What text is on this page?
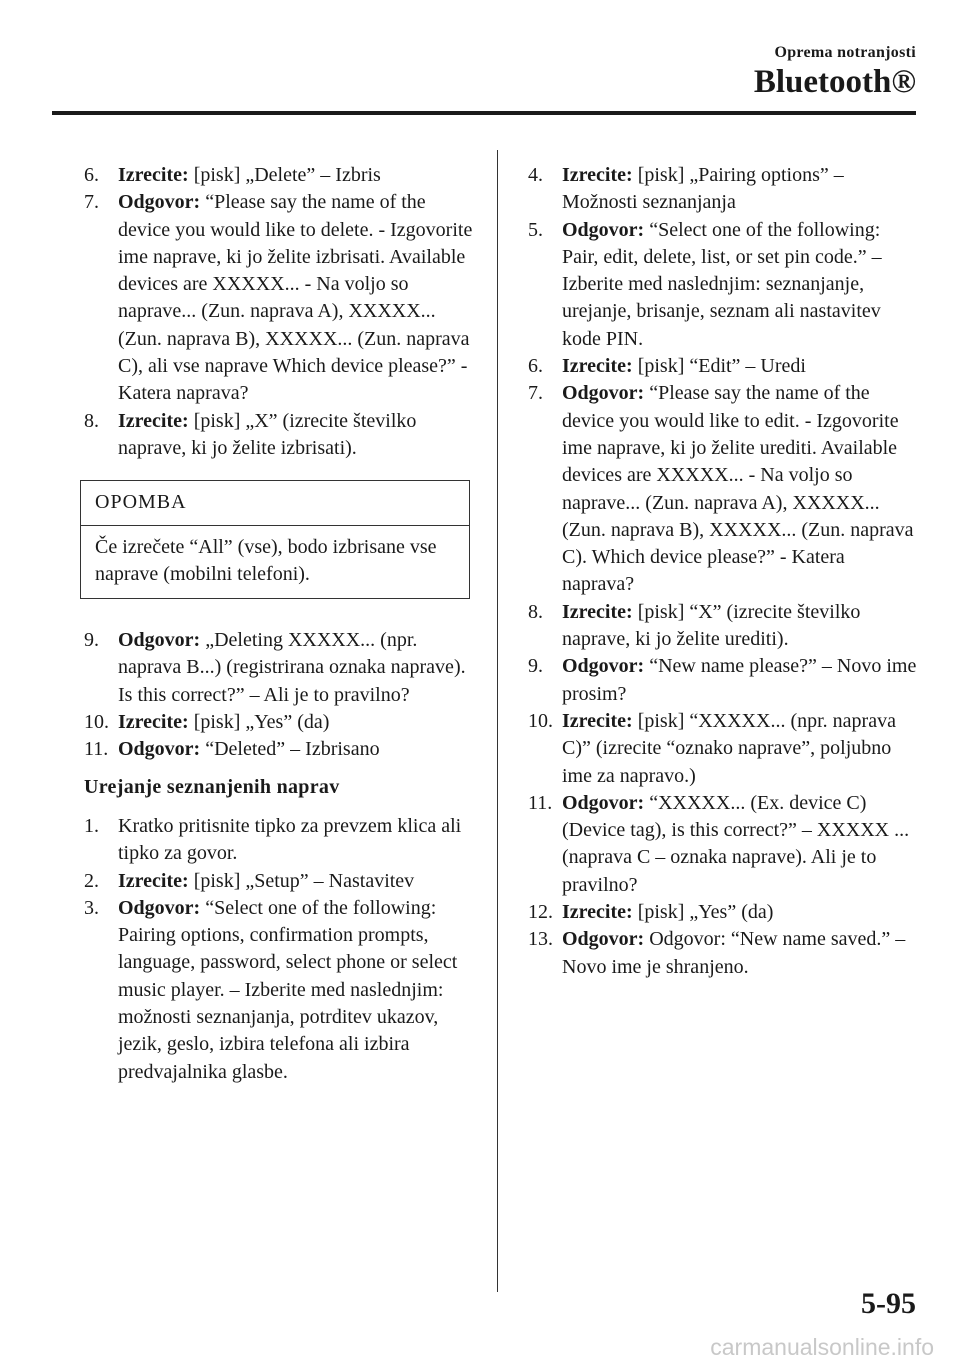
Oprema notranjosti
Bluetooth®
6. Izrecite: [pisk] „Delete” – Izbris
7. Odgovor: “Please say the name of the device you would like to delete. - Izgovorite ime naprave, ki jo želite izbrisati. Available devices are XXXXX... - Na voljo so naprave... (Zun. naprava A), XXXXX... (Zun. naprava B), XXXXX... (Zun. naprava C), ali vse naprave Which device please?” - Katera naprava?
8. Izrecite: [pisk] „X” (izrecite številko naprave, ki jo želite izbrisati).
OPOMBA
Če izrečete “All” (vse), bodo izbrisane vse naprave (mobilni telefoni).
9. Odgovor: „Deleting XXXXX... (npr. naprava B...) (registrirana oznaka naprave). Is this correct?” – Ali je to pravilno?
10. Izrecite: [pisk] „Yes” (da)
11. Odgovor: “Deleted” – Izbrisano
Urejanje seznanjenih naprav
1. Kratko pritisnite tipko za prevzem klica ali tipko za govor.
2. Izrecite: [pisk] „Setup” – Nastavitev
3. Odgovor: “Select one of the following: Pairing options, confirmation prompts, language, password, select phone or select music player. – Izberite med naslednjim: možnosti seznanjanja, potrditev ukazov, jezik, geslo, izbira telefona ali izbira predvajalnika glasbe.
4. Izrecite: [pisk] „Pairing options” – Možnosti seznanjanja
5. Odgovor: “Select one of the following: Pair, edit, delete, list, or set pin code.” – Izberite med naslednjim: seznanjanje, urejanje, brisanje, seznam ali nastavitev kode PIN.
6. Izrecite: [pisk] “Edit” – Uredi
7. Odgovor: “Please say the name of the device you would like to edit. - Izgovorite ime naprave, ki jo želite urediti. Available devices are XXXXX... - Na voljo so naprave... (Zun. naprava A), XXXXX... (Zun. naprava B), XXXXX... (Zun. naprava C). Which device please?” - Katera naprava?
8. Izrecite: [pisk] “X” (izrecite številko naprave, ki jo želite urediti).
9. Odgovor: “New name please?” – Novo ime prosim?
10. Izrecite: [pisk] “XXXXX... (npr. naprava C)” (izrecite “oznako naprave”, poljubno ime za napravo.)
11. Odgovor: “XXXXX... (Ex. device C) (Device tag), is this correct?” – XXXXX ... (naprava C – oznaka naprave). Ali je to pravilno?
12. Izrecite: [pisk] „Yes” (da)
13. Odgovor: Odgovor: “New name saved.” – Novo ime je shranjeno.
5-95
carmanualsonline.info
